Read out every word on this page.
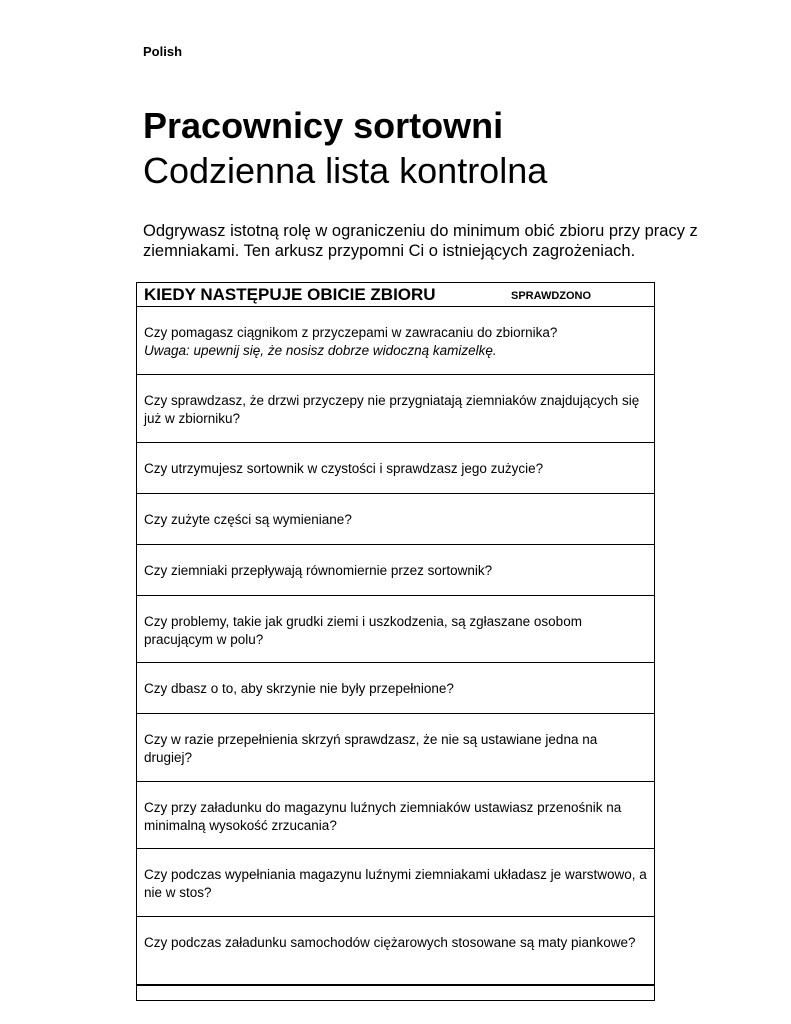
Polish
Pracownicy sortowni
Codzienna lista kontrolna

Odgrywasz istotną rolę w ograniczeniu do minimum obić zbioru przy pracy z ziemniakami. Ten arkusz przypomni Ci o istniejących zagrożeniach.

KIEDY NASTĘPUJE OBICIE ZBIORU	SPRAWDZONO
Czy pomagasz ciągnikom z przyczepami w zawracaniu do zbiornika?
Uwaga: upewnij się, że nosisz dobrze widoczną kamizelkę.
Czy sprawdzasz, że drzwi przyczepy nie przygniatają ziemniaków znajdujących się już w zbiorniku?
Czy utrzymujesz sortownik w czystości i sprawdzasz jego zużycie?
Czy zużyte części są wymieniane?
Czy ziemniaki przepływają równomiernie przez sortownik?
Czy problemy, takie jak grudki ziemi i uszkodzenia, są zgłaszane osobom pracującym w polu?
Czy dbasz o to, aby skrzynie nie były przepełnione?
Czy w razie przepełnienia skrzyń sprawdzasz, że nie są ustawiane jedna na drugiej?
Czy przy załadunku do magazynu luźnych ziemniaków ustawiasz przenośnik na minimalną wysokość zrzucania?
Czy podczas wypełniania magazynu luźnymi ziemniakami układasz je warstwowo, a nie w stos?
Czy podczas załadunku samochodów ciężarowych stosowane są maty piankowe?
